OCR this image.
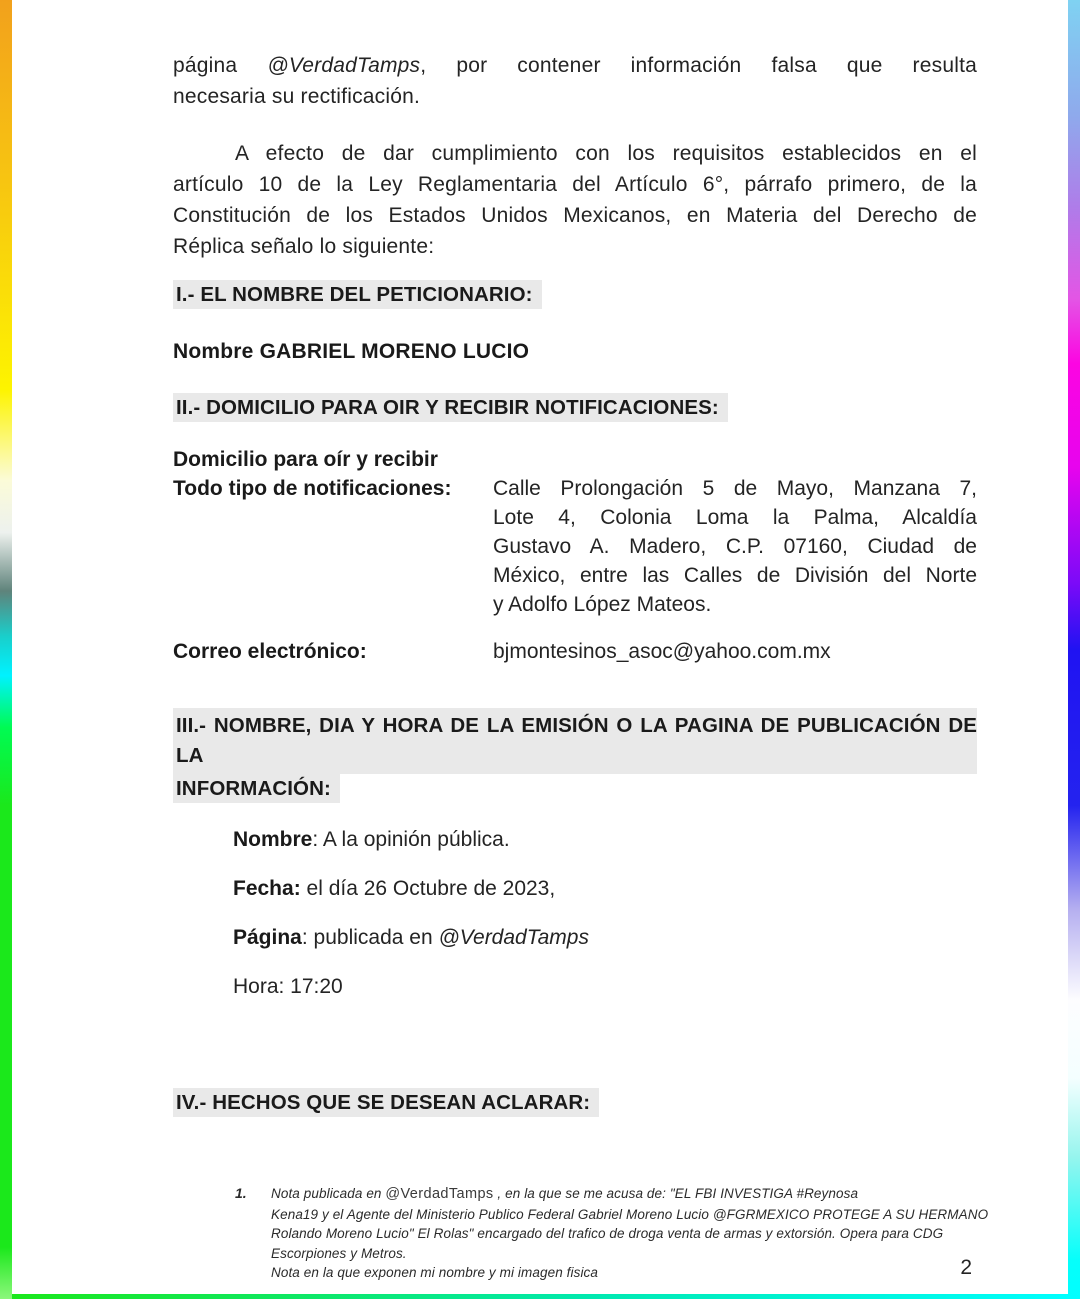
página @VerdadTamps, por contener información falsa que resulta
necesaria su rectificación.

A efecto de dar cumplimiento con los requisitos establecidos en el
artículo 10 de la Ley Reglamentaria del Artículo 6°, párrafo primero, de la
Constitución de los Estados Unidos Mexicanos, en Materia del Derecho de
Réplica señalo lo siguiente:

I.- EL NOMBRE DEL PETICIONARIO:
Nombre GABRIEL MORENO LUCIO
II.- DOMICILIO PARA OIR Y RECIBIR NOTIFICACIONES:
Domicilio para oír y recibir
Todo tipo de notificaciones:	Calle Prolongación 5 de Mayo, Manzana 7,
Lote 4, Colonia Loma la Palma, Alcaldía
Gustavo A. Madero, C.P. 07160, Ciudad de
México, entre las Calles de División del Norte
y Adolfo López Mateos.
Correo electrónico:	bjmontesinos_asoc@yahoo.com.mx
III.- NOMBRE, DIA Y HORA DE LA EMISIÓN O LA PAGINA DE PUBLICACIÓN DE LA
INFORMACIÓN:
Nombre: A la opinión pública.
Fecha: el día 26 Octubre de 2023,
Página: publicada en @VerdadTamps
Hora: 17:20
IV.- HECHOS QUE SE DESEAN ACLARAR:
1.	Nota publicada en @VerdadTamps , en la que se me acusa de: "EL FBI INVESTIGA #Reynosa
Kena19 y el Agente del Ministerio Publico Federal Gabriel Moreno Lucio @FGRMEXICO PROTEGE A SU HERMANO
Rolando Moreno Lucio" El Rolas" encargado del trafico de droga venta de armas y extorsión. Opera para CDG
Escorpiones y Metros.
Nota en la que exponen mi nombre y mi imagen fisica	2
